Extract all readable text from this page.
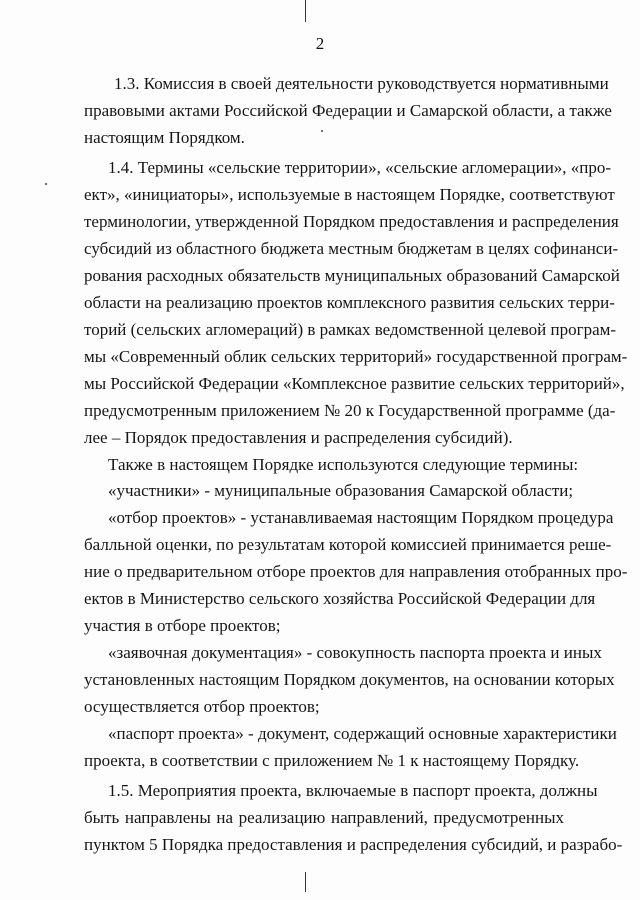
2
1.3. Комиссия в своей деятельности руководствуется нормативными
правовыми актами Российской Федерации и Самарской области, а также
настоящим Порядком.
1.4. Термины «сельские территории», «сельские агломерации», «про-
ект», «инициаторы», используемые в настоящем Порядке, соответствуют
терминологии, утвержденной Порядком предоставления и распределения
субсидий из областного бюджета местным бюджетам в целях софинанси-
рования расходных обязательств муниципальных образований Самарской
области на реализацию проектов комплексного развития сельских терри-
торий (сельских агломераций) в рамках ведомственной целевой програм-
мы «Современный облик сельских территорий» государственной програм-
мы Российской Федерации «Комплексное развитие сельских территорий»,
предусмотренным приложением № 20 к Государственной программе (да-
лее – Порядок предоставления и распределения субсидий).
Также в настоящем Порядке используются следующие термины:
«участники» - муниципальные образования Самарской области;
«отбор проектов» - устанавливаемая настоящим Порядком процедура
балльной оценки, по результатам которой комиссией принимается реше-
ние о предварительном отборе проектов для направления отобранных про-
ектов в Министерство сельского хозяйства Российской Федерации для
участия в отборе проектов;
«заявочная документация» - совокупность паспорта проекта и иных
установленных настоящим Порядком документов, на основании которых
осуществляется отбор проектов;
«паспорт проекта» - документ, содержащий основные характеристики
проекта, в соответствии с приложением № 1 к настоящему Порядку.
1.5. Мероприятия проекта, включаемые в паспорт проекта, должны
быть направлены на реализацию направлений, предусмотренных
пунктом 5 Порядка предоставления и распределения субсидий, и разрабо-
